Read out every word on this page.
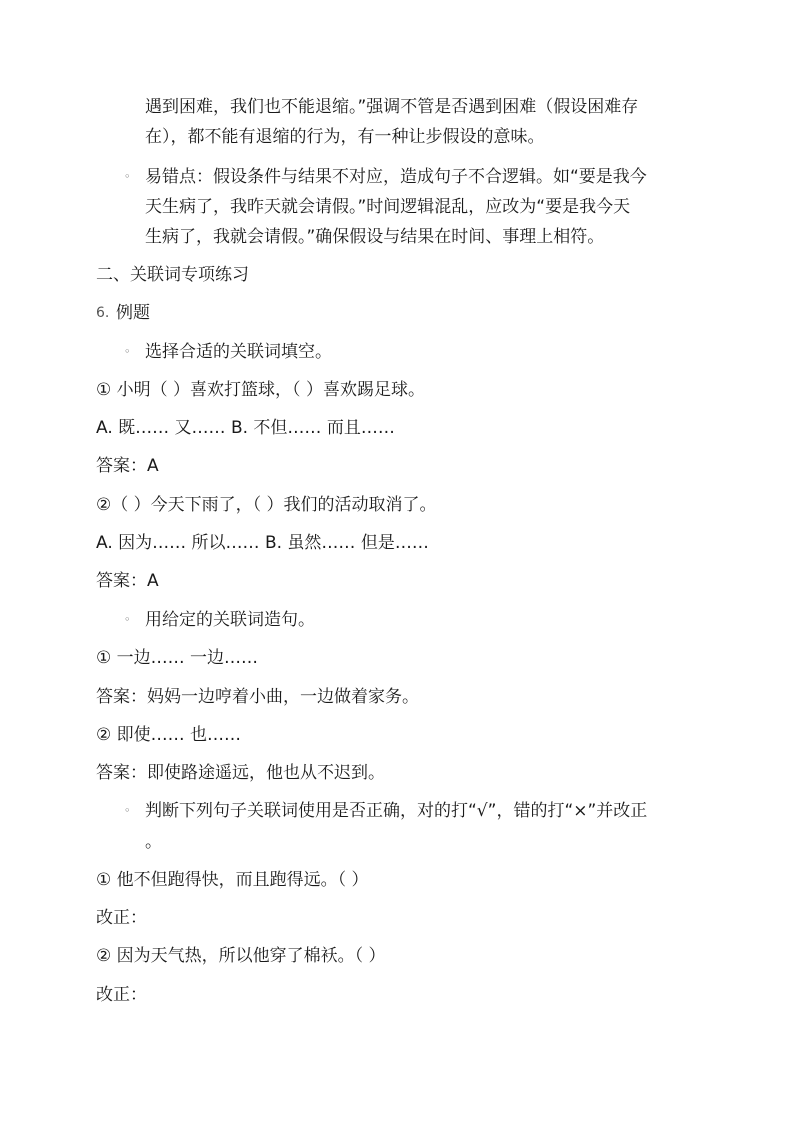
遇到困难，我们也不能退缩。”强调不管是否遇到困难（假设困难存
在），都不能有退缩的行为，有一种让步假设的意味。
◦ 易错点：假设条件与结果不对应，造成句子不合逻辑。如“要是我今
天生病了，我昨天就会请假。”时间逻辑混乱，应改为“要是我今天
生病了，我就会请假。”确保假设与结果在时间、事理上相符。
二、关联词专项练习
6. 例题
◦ 选择合适的关联词填空。
① 小明（ ）喜欢打篮球，（ ）喜欢踢足球。
A. 既…… 又…… B. 不但…… 而且……
答案：A
②（ ）今天下雨了，（ ）我们的活动取消了。
A. 因为…… 所以…… B. 虽然…… 但是……
答案：A
◦ 用给定的关联词造句。
① 一边…… 一边……
答案：妈妈一边哼着小曲，一边做着家务。
② 即使…… 也……
答案：即使路途遥远，他也从不迟到。
◦ 判断下列句子关联词使用是否正确，对的打“√”，错的打“×”并改正
。
① 他不但跑得快，而且跑得远。（ ）
改正：
② 因为天气热，所以他穿了棉袄。（ ）
改正：
